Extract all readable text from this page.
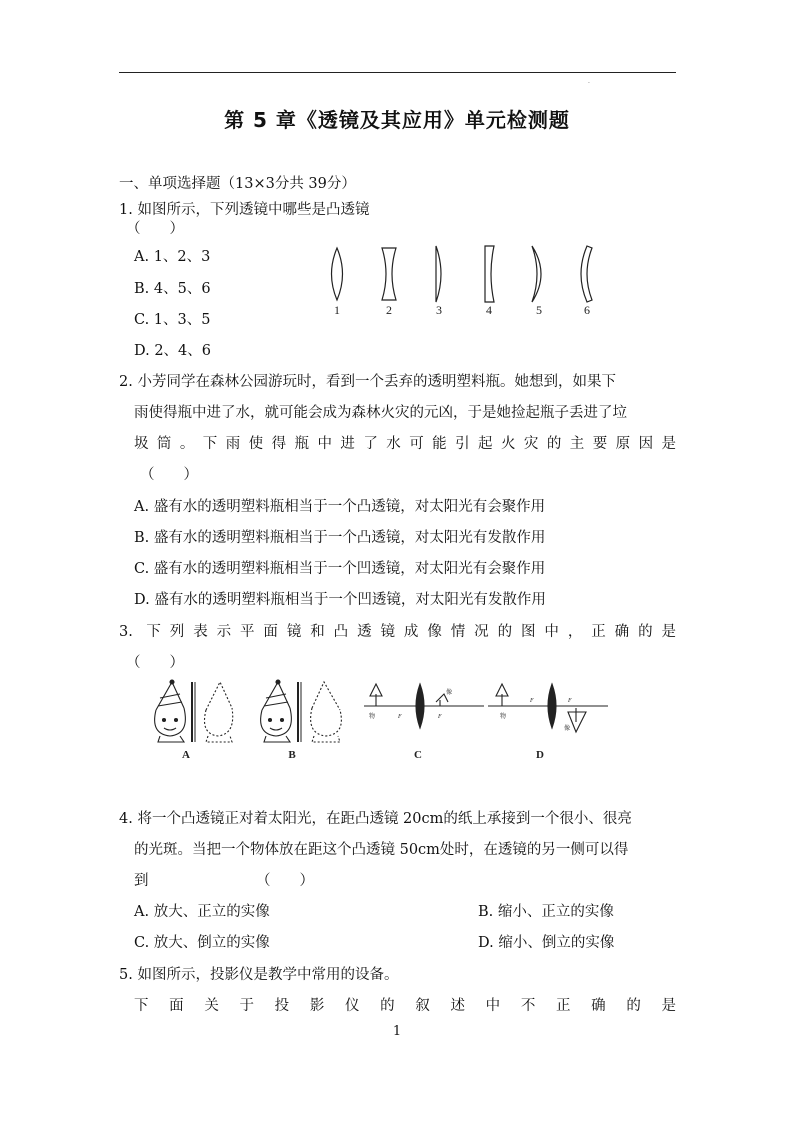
·
第 5 章《透镜及其应用》单元检测题
一、单项选择题（13×3分共 39分）
1. 如图所示，下列透镜中哪些是凸透镜
（　　）
A. 1、2、3
B. 4、5、6
C. 1、3、5
D. 2、4、6
1	2	3	4	5	6
2. 小芳同学在森林公园游玩时，看到一个丢弃的透明塑料瓶。她想到，如果下
雨使得瓶中进了水，就可能会成为森林火灾的元凶，于是她捡起瓶子丢进了垃
圾筒。下雨使得瓶中进了水可能引起火灾的主要原因是
（　　）
A. 盛有水的透明塑料瓶相当于一个凸透镜，对太阳光有会聚作用
B. 盛有水的透明塑料瓶相当于一个凸透镜，对太阳光有发散作用
C. 盛有水的透明塑料瓶相当于一个凹透镜，对太阳光有会聚作用
D. 盛有水的透明塑料瓶相当于一个凹透镜，对太阳光有发散作用
3. 下列表示平面镜和凸透镜成像情况的图中，正确的是
（　　）
物	F	F
像
物
F	F
像
A	B	C	D
4. 将一个凸透镜正对着太阳光，在距凸透镜 20cm的纸上承接到一个很小、很亮
的光斑。当把一个物体放在距这个凸透镜 50cm处时，在透镜的另一侧可以得
到	（　　）
A. 放大、正立的实像	B. 缩小、正立的实像
C. 放大、倒立的实像	D. 缩小、倒立的实像
5. 如图所示，投影仪是教学中常用的设备。
下面关于投影仪的叙述中不正确的是
1
